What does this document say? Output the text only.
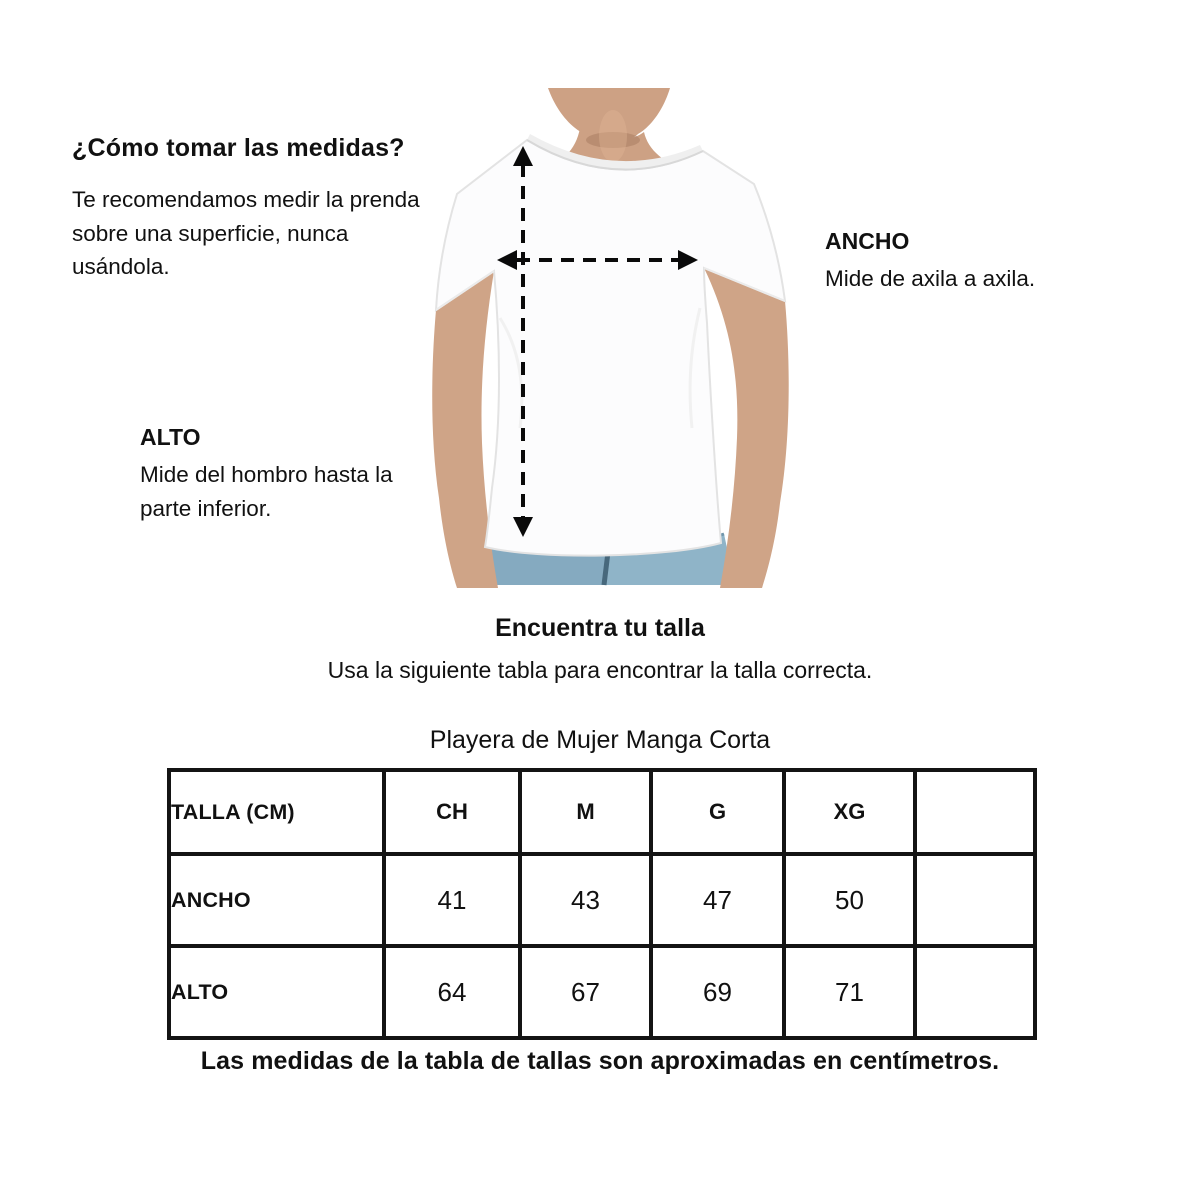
¿Cómo tomar las medidas?

Te recomendamos medir la prenda sobre una superficie, nunca usándola.

ANCHO

Mide de axila a axila.

ALTO

Mide del hombro hasta la parte inferior.

Encuentra tu talla

Usa la siguiente tabla para encontrar la talla correcta.

Playera de Mujer Manga Corta

TALLA (CM)	CH	M	G	XG	
ANCHO	41	43	47	50	
ALTO	64	67	69	71	

Las medidas de la tabla de tallas son aproximadas en centímetros.
